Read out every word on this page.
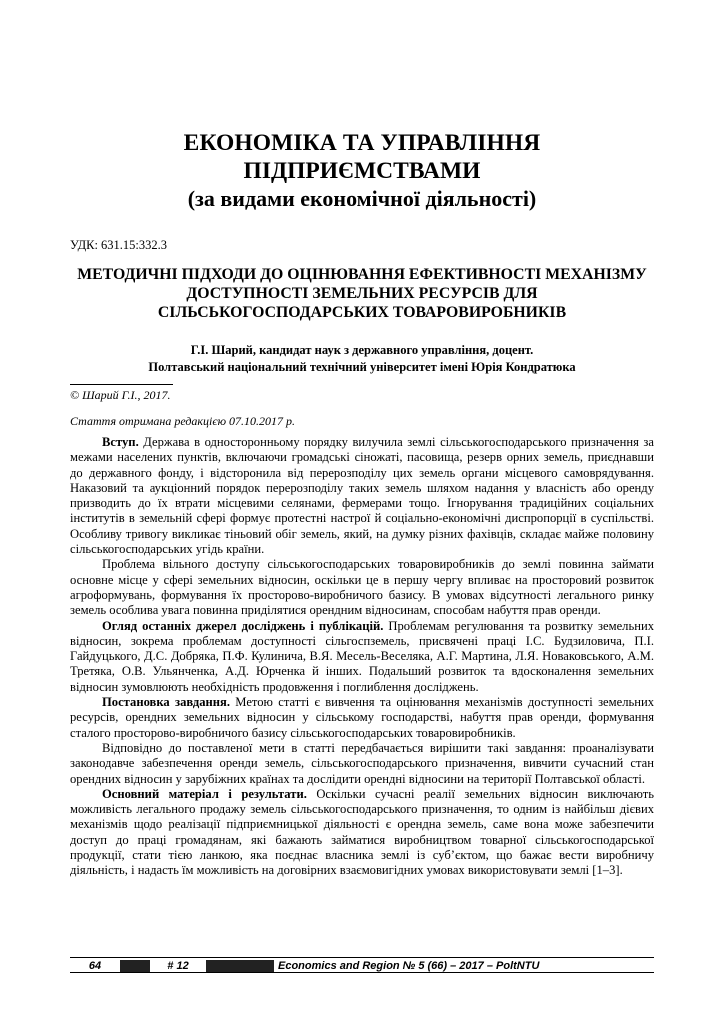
ЕКОНОМІКА ТА УПРАВЛІННЯ
ПІДПРИЄМСТВАМИ
(за видами економічної діяльності)
УДК: 631.15:332.3
МЕТОДИЧНІ ПІДХОДИ ДО ОЦІНЮВАННЯ ЕФЕКТИВНОСТІ МЕХАНІЗМУ ДОСТУПНОСТІ ЗЕМЕЛЬНИХ РЕСУРСІВ ДЛЯ СІЛЬСЬКОГОСПОДАРСЬКИХ ТОВАРОВИРОБНИКІВ
Г.І. Шарий, кандидат наук з державного управління, доцент.
Полтавський національний технічний університет імені Юрія Кондратюка
© Шарий Г.І., 2017.
Стаття отримана редакцією 07.10.2017 р.

Вступ. Держава в односторонньому порядку вилучила землі сільськогосподарського призначення за межами населених пунктів, включаючи громадські сіножаті, пасовища, резерв орних земель, приєднавши до державного фонду, і відсторонила від перерозподілу цих земель органи місцевого самоврядування. Наказовий та аукціонний порядок перерозподілу таких земель шляхом надання у власність або оренду призводить до їх втрати місцевими селянами, фермерами тощо. Ігнорування традиційних соціальних інститутів в земельній сфері формує протестні настрої й соціально-економічні диспропорції в суспільстві. Особливу тривогу викликає тіньовий обіг земель, який, на думку різних фахівців, складає майже половину сільськогосподарських угідь країни.

Проблема вільного доступу сільськогосподарських товаровиробників до землі повинна займати основне місце у сфері земельних відносин, оскільки це в першу чергу впливає на просторовий розвиток агроформувань, формування їх просторово-виробничого базису. В умовах відсутності легального ринку земель особлива увага повинна приділятися орендним відносинам, способам набуття прав оренди.

Огляд останніх джерел досліджень і публікацій. Проблемам регулювання та розвитку земельних відносин, зокрема проблемам доступності сільгоспземель, присвячені праці І.С. Будзиловича, П.І. Гайдуцького, Д.С. Добряка, П.Ф. Кулинича, В.Я. Месель-Веселяка, А.Г. Мартина, Л.Я. Новаковського, А.М. Третяка, О.В. Ульянченка, А.Д. Юрченка й інших. Подальший розвиток та вдосконалення земельних відносин зумовлюють необхідність продовження і поглиблення досліджень.

Постановка завдання. Метою статті є вивчення та оцінювання механізмів доступності земельних ресурсів, орендних земельних відносин у сільському господарстві, набуття прав оренди, формування сталого просторово-виробничого базису сільськогосподарських товаровиробників.

Відповідно до поставленої мети в статті передбачається вирішити такі завдання: проаналізувати законодавче забезпечення оренди земель, сільськогосподарського призначення, вивчити сучасний стан орендних відносин у зарубіжних країнах та дослідити орендні відносини на території Полтавської області.

Основний матеріал і результати. Оскільки сучасні реалії земельних відносин виключають можливість легального продажу земель сільськогосподарського призначення, то одним із найбільш дієвих механізмів щодо реалізації підприємницької діяльності є орендна земель, саме вона може забезпечити доступ до праці громадянам, які бажають займатися виробництвом товарної сільськогосподарської продукції, стати тією ланкою, яка поєднає власника землі із суб’єктом, що бажає вести виробничу діяльність, і надасть їм можливість на договірних взаємовигідних умовах використовувати землі [1–3].

64	# 12	Economics and Region № 5 (66) – 2017 – PoltNTU
